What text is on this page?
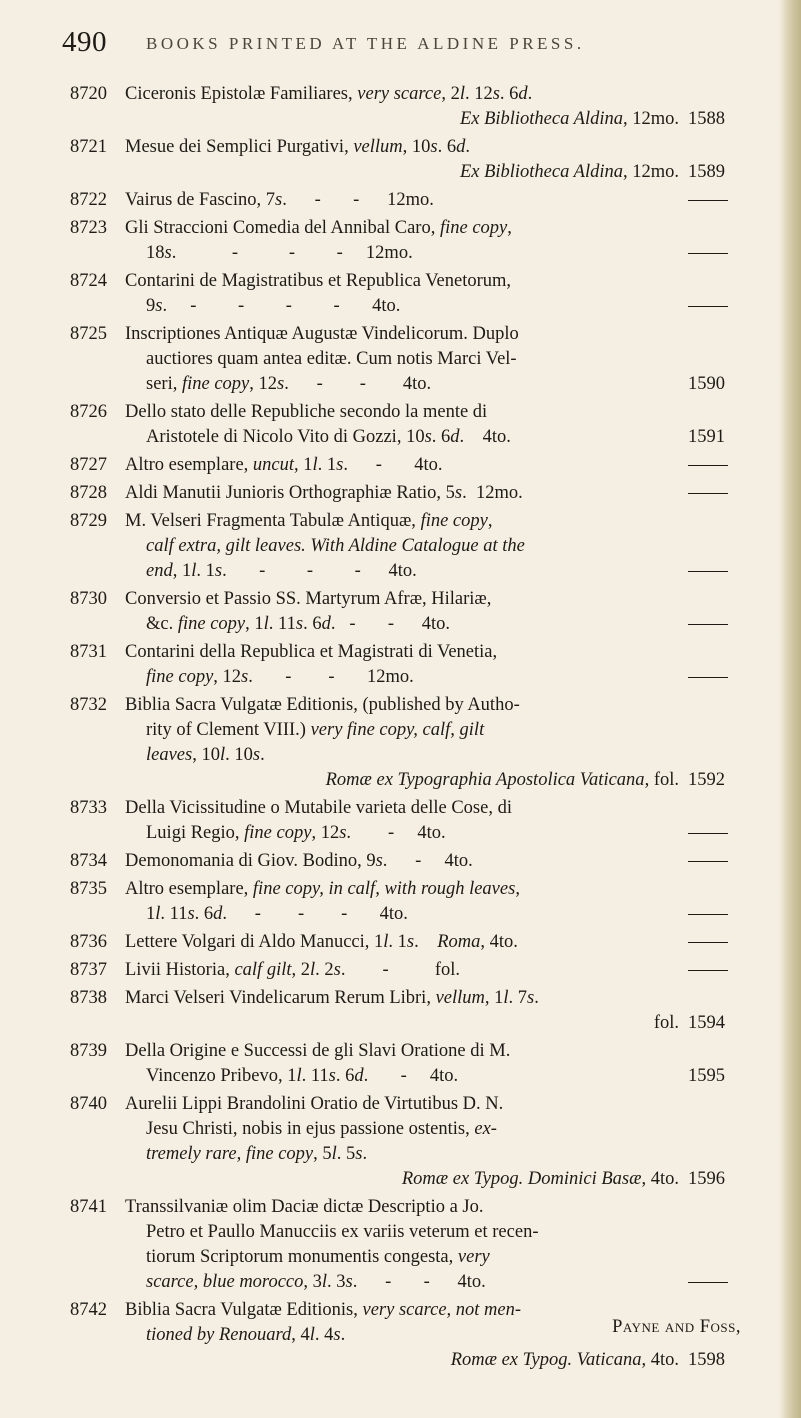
490 BOOKS PRINTED AT THE ALDINE PRESS.
8720 Ciceronis Epistolæ Familiares, very scarce, 2l. 12s. 6d.
Ex Bibliotheca Aldina, 12mo. 1588
8721 Mesue dei Semplici Purgativi, vellum, 10s. 6d.
Ex Bibliotheca Aldina, 12mo. 1589
8722 Vairus de Fascino, 7s.      -       -      12mo.
8723 Gli Straccioni Comedia del Annibal Caro, fine copy,
18s.            -           -         -     12mo.
8724 Contarini de Magistratibus et Republica Venetorum,
9s.     -         -         -         -       4to.
8725 Inscriptiones Antiquæ Augustæ Vindelicorum. Duplo
auctiores quam antea editæ. Cum notis Marci Vel-
seri, fine copy, 12s.      -        -        4to.	1590
8726 Dello stato delle Republiche secondo la mente di
Aristotele di Nicolo Vito di Gozzi, 10s. 6d.    4to.	1591
8727 Altro esemplare, uncut, 1l. 1s.      -       4to.
8728 Aldi Manutii Junioris Orthographiæ Ratio, 5s.  12mo.
8729 M. Velseri Fragmenta Tabulæ Antiquæ, fine copy,
calf extra, gilt leaves. With Aldine Catalogue at the
end, 1l. 1s.       -         -         -      4to.
8730 Conversio et Passio SS. Martyrum Afræ, Hilariæ,
&c. fine copy, 1l. 11s. 6d.   -       -      4to.
8731 Contarini della Republica et Magistrati di Venetia,
fine copy, 12s.       -        -       12mo.
8732 Biblia Sacra Vulgatæ Editionis, (published by Autho-
rity of Clement VIII.) very fine copy, calf, gilt
leaves, 10l. 10s.
Romæ ex Typographia Apostolica Vaticana, fol. 1592
8733 Della Vicissitudine o Mutabile varieta delle Cose, di
Luigi Regio, fine copy, 12s.        -     4to.
8734 Demonomania di Giov. Bodino, 9s.      -     4to.
8735 Altro esemplare, fine copy, in calf, with rough leaves,
1l. 11s. 6d.      -        -        -       4to.
8736 Lettere Volgari di Aldo Manucci, 1l. 1s.    Roma, 4to.
8737 Livii Historia, calf gilt, 2l. 2s.        -          fol.
8738 Marci Velseri Vindelicarum Rerum Libri, vellum, 1l. 7s.
fol. 1594
8739 Della Origine e Successi de gli Slavi Oratione di M.
Vincenzo Pribevo, 1l. 11s. 6d.       -     4to.	1595
8740 Aurelii Lippi Brandolini Oratio de Virtutibus D. N.
Jesu Christi, nobis in ejus passione ostentis, ex-
tremely rare, fine copy, 5l. 5s.
Romæ ex Typog. Dominici Basæ, 4to. 1596
8741 Transsilvaniæ olim Daciæ dictæ Descriptio a Jo.
Petro et Paullo Manucciis ex variis veterum et recen-
tiorum Scriptorum monumentis congesta, very
scarce, blue morocco, 3l. 3s.      -       -      4to.
8742 Biblia Sacra Vulgatæ Editionis, very scarce, not men-
tioned by Renouard, 4l. 4s.
Romæ ex Typog. Vaticana, 4to. 1598
Payne and Foss,
